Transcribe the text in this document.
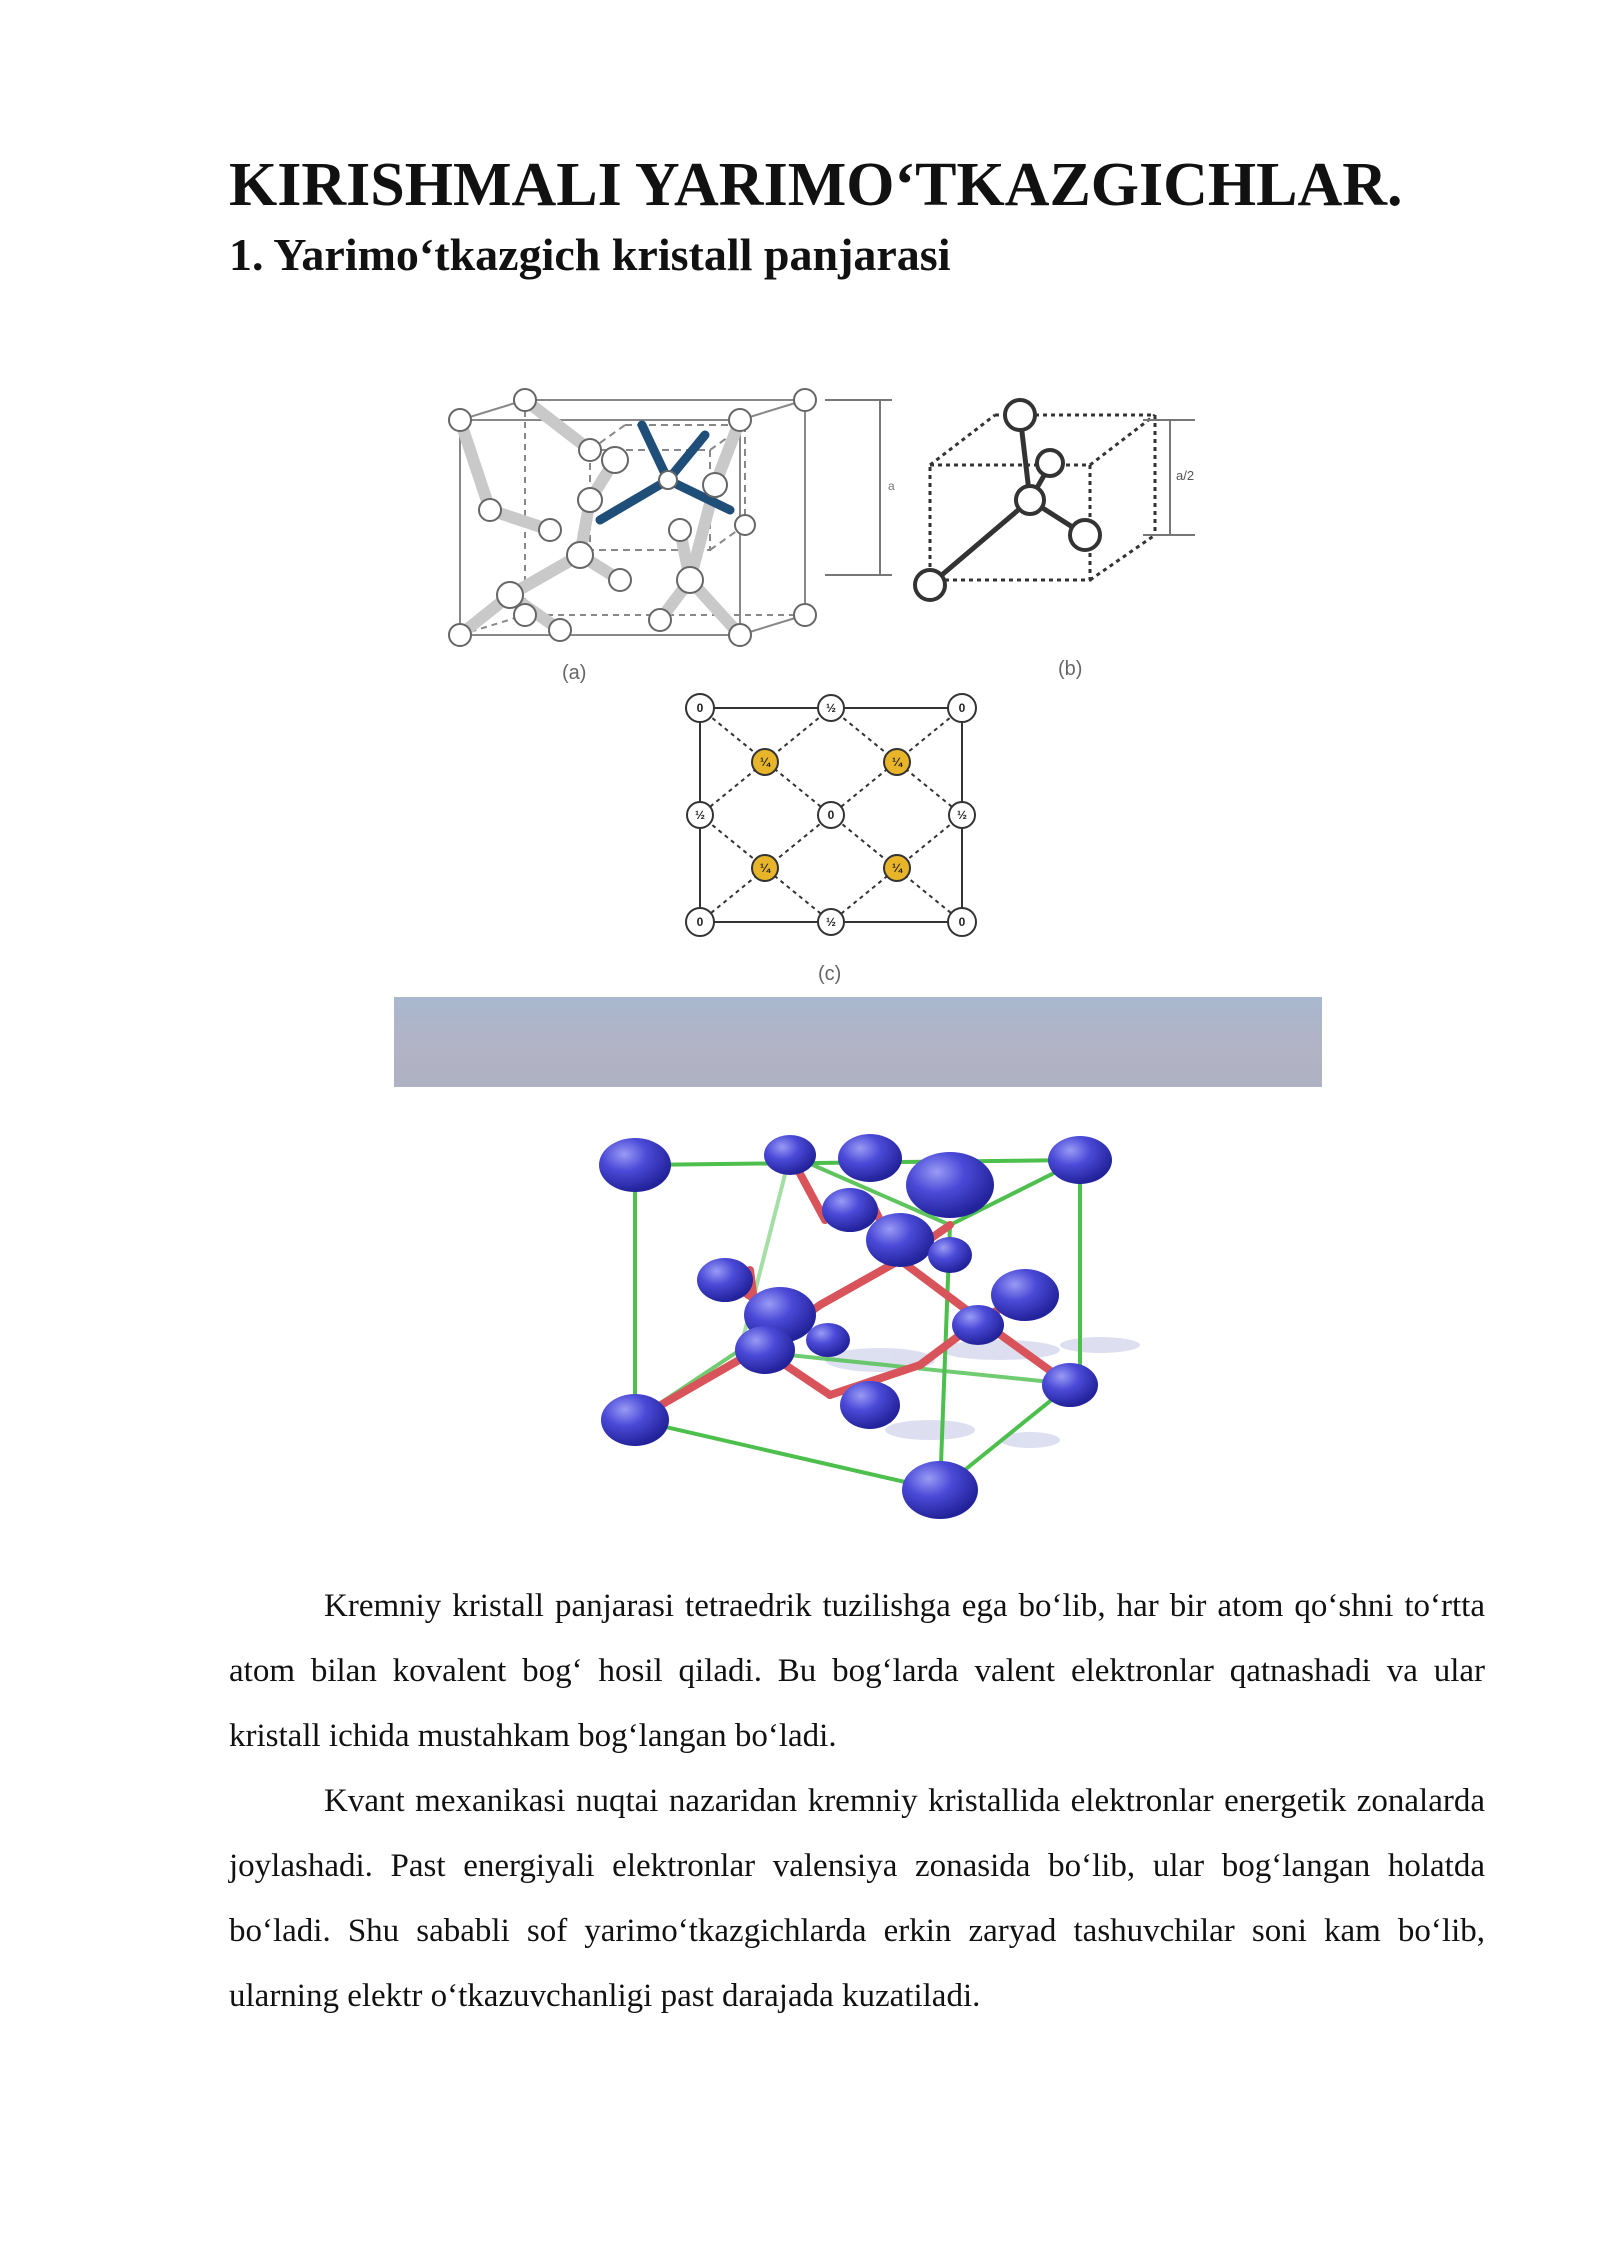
KIRISHMALI YARIMO‘TKAZGICHLAR.
1. Yarimo‘tkazgich kristall panjarasi
a
(a)
a/2
(b)
0	0
0	0
½
½	½
½
0
¼	¼
¼	¼
(c)

Kremniy kristall panjarasi tetraedrik tuzilishga ega bo‘lib, har bir atom qo‘shni to‘rtta atom bilan kovalent bog‘ hosil qiladi. Bu bog‘larda valent elektronlar qatnashadi va ular kristall ichida mustahkam bog‘langan bo‘ladi.

Kvant mexanikasi nuqtai nazaridan kremniy kristallida elektronlar energetik zonalarda joylashadi. Past energiyali elektronlar valensiya zonasida bo‘lib, ular bog‘langan holatda bo‘ladi. Shu sababli sof yarimo‘tkazgichlarda erkin zaryad tashuvchilar soni kam bo‘lib, ularning elektr o‘tkazuvchanligi past darajada kuzatiladi.
